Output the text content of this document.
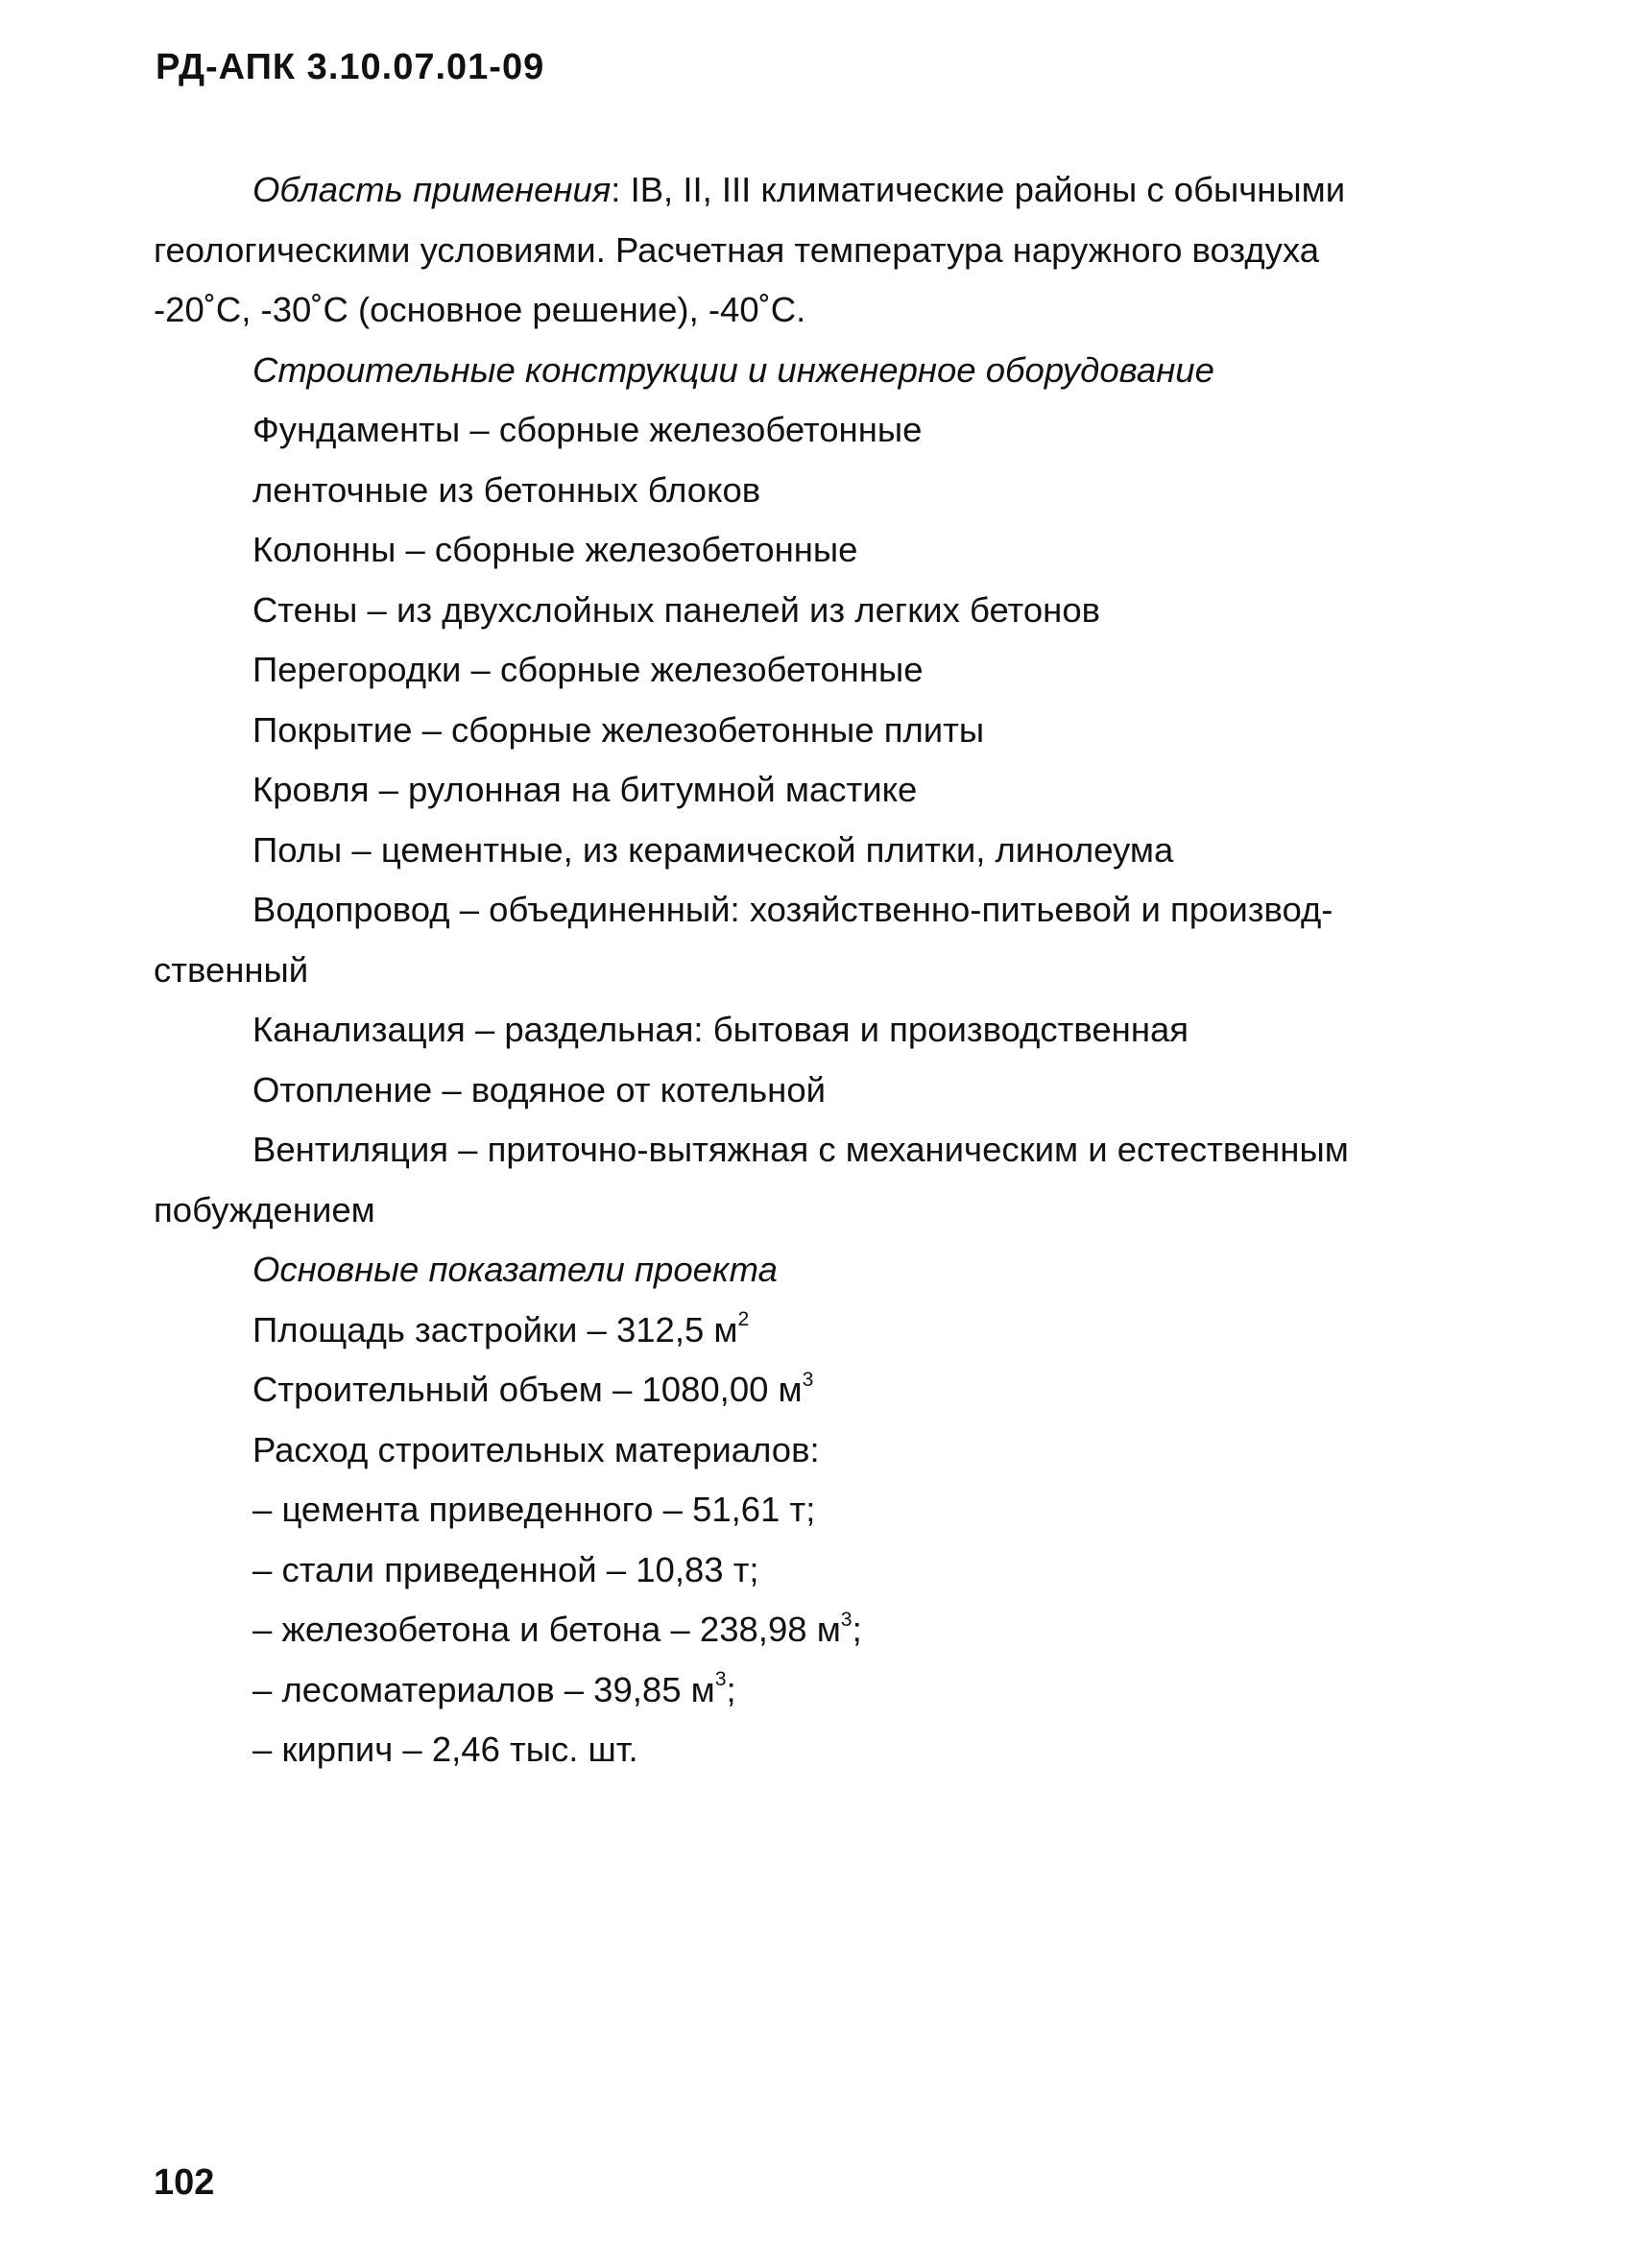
РД-АПК 3.10.07.01-09
Область применения: IB, II, III климатические районы с обычными
геологическими условиями. Расчетная температура наружного воздуха
-20˚С, -30˚С (основное решение), -40˚С.
Строительные конструкции и инженерное оборудование
Фундаменты – сборные железобетонные
ленточные из бетонных блоков
Колонны – сборные железобетонные
Стены – из двухслойных панелей из легких бетонов
Перегородки – сборные железобетонные
Покрытие – сборные железобетонные плиты
Кровля – рулонная на битумной мастике
Полы – цементные, из керамической плитки, линолеума
Водопровод – объединенный: хозяйственно-питьевой и производ-
ственный
Канализация – раздельная: бытовая и производственная
Отопление – водяное от котельной
Вентиляция – приточно-вытяжная с механическим и естественным
побуждением
Основные показатели проекта
Площадь застройки – 312,5 $м^2$
Строительный объем – 1080,00 $м^3$
Расход строительных материалов:
– цемента приведенного – 51,61 т;
– стали приведенной – 10,83 т;
– железобетона и бетона – 238,98 $м^3$;
– лесоматериалов – 39,85 $м^3$;
– кирпич – 2,46 тыс. шт.
102
